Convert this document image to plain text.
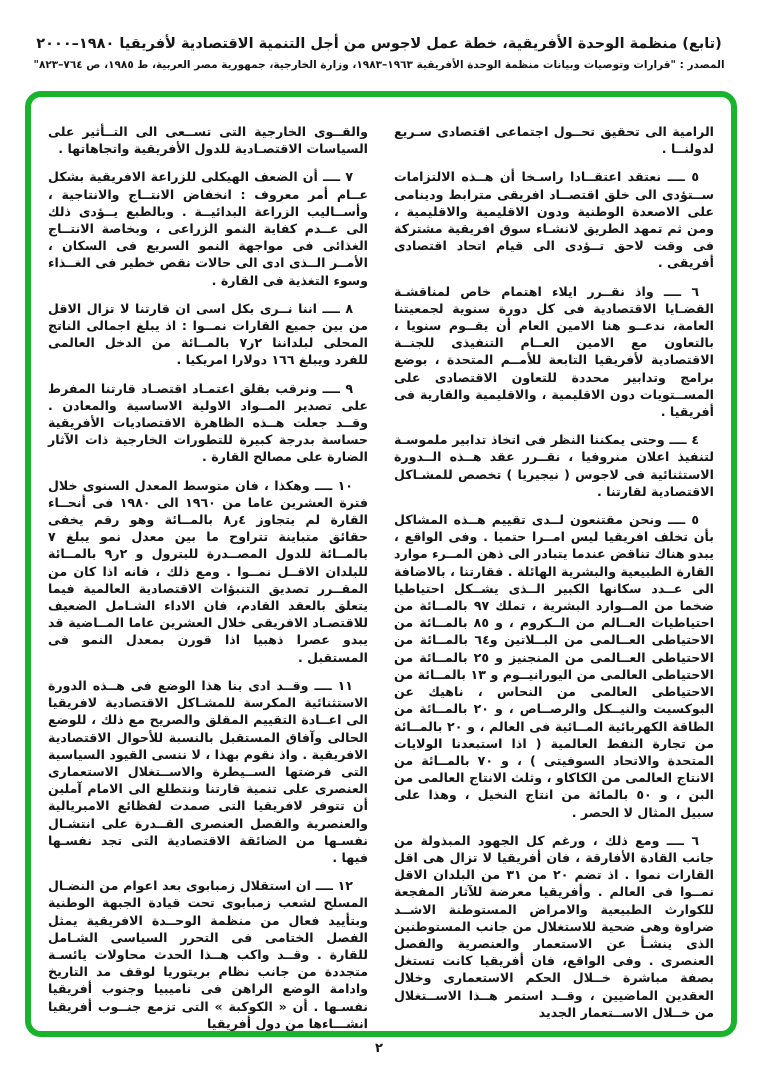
(تابع) منظمة الوحدة الأفريقية، خطة عمل لاجوس من أجل التنمية الاقتصادية لأفريقيا ١٩٨٠–٢٠٠٠
المصدر : "قرارات وتوصيات وبيانات منظمة الوحدة الأفريقية ١٩٦٣–١٩٨٣، وزارة الخارجية، جمهورية مصر العربية، ط ١٩٨٥، ص ٧٦٤–٨٢٣"

الرامية الى تحقيق تحــول اجتماعى اقتصادى سـريع لدولنــا .

٥ ــــ نعتقد اعتقــادا راسـخا أن هــذه الالتزامات ســتؤدى الى خلق اقتصــاد افريقى مترابط ودينامى على الاصعدة الوطنية ودون الاقليمية والاقليمية ، ومن ثم تمهد الطريق لانشـاء سوق افريقية مشتركة فى وقت لاحق تــؤدى الى قيام اتحاد اقتصادى أفريقى .

٦ ــــ واذ نقــرر ايلاء اهتمام خاص لمناقشـة القضـايا الاقتصادية فى كل دورة سنوية لجمعيتنا العامة، ندعــو هنا الامين العام أن يقــوم سنويا ، بالتعاون مع الامين العــام التنفيذى للجنــة الاقتصادية لأفريقيا التابعة للأمــم المتحدة ، بوضع برامج وتدابير محددة للتعاون الاقتصادى على المســتويات دون الاقليمية ، والاقليمية والقارية فى أفريقيا .

٤ ــــ وحتى يمكننا النظر فى اتخاذ تدابير ملموسـة لتنفيذ اعلان منروفيا ، نقــرر عقد هــذه الــدورة الاستثنائية فى لاجوس ( نيجيريا ) تخصص للمشـاكل الاقتصادية لقارتنا .

٥ ــــ ونحن مقتنعون لــدى تقييم هــذه المشاكل بأن تخلف افريقيا ليس امــرا حتميا . وفى الواقع ، يبدو هناك تناقض عندما يتبادر الى ذهن المــرء موارد القارة الطبيعية والبشرية الهائلة . فقارتنا ، بالاضافة الى عــدد سكانها الكبير الــذى يشــكل احتياطيا ضخما من المــوارد البشرية ، تملك ٩٧ بالمــائة من احتياطيات العــالم من الــكروم ، و ٨٥ بالمــائة من الاحتياطى العــالمى من البــلاتين و٦٤ بالمــائة من الاحتياطى العــالمى من المنجنيز و ٢٥ بالمــائة من الاحتياطى العالمى من اليورانيــوم و ١٣ بالمــائة من الاحتياطى العالمى من النحاس ، ناهيك عن البوكسيت والنيــكل والرصــاص ، و ٢٠ بالمــائة من الطاقة الكهربائية المــائية فى العالم ، و ٢٠ بالمــائة من تجارة النفط العالمية ( اذا استبعدنا الولايات المتحدة والاتحاد السوفيتى ) ، و ٧٠ بالمــائة من الانتاج العالمى من الكاكاو ، وثلث الانتاج العالمى من البن ، و ٥٠ بالمائة من انتاج النخيل ، وهذا على سبيل المثال لا الحصر .

٦ ــــ ومع ذلك ، ورغم كل الجهود المبذولة من جانب القادة الأفارقة ، فان أفريقيا لا تزال هى اقل القارات نموا . اذ تضم ٢٠ من ٣١ من البلدان الاقل نمــوا فى العالم . وأفريقيا معرضة للآثار المفجعة للكوارث الطبيعية والامراض المستوطنة الاشــد ضراوة وهى ضحية للاستغلال من جانب المستوطنين الذى ينشـأ عن الاستعمار والعنصرية والفصل العنصرى . وفى الواقع، فان أفريقيا كانت تستغل بصفة مباشرة خــلال الحكم الاستعمارى وخلال العقدين الماضيين ، وقــد استمر هــذا الاســتغلال من خــلال الاســتعمار الجديد

والقــوى الخارجية التى تســعى الى التــأثير على السياسات الاقتصـادية للدول الأفريقية واتجاهاتها .

٧ ــــ أن الضعف الهيكلى للزراعة الافريقية بشكل عــام أمر معروف : انخفاض الانتــاج والانتاجية ، وأســاليب الزراعة البدائيــة . وبالطبع يــؤدى ذلك الى عــدم كفاية النمو الزراعى ، وبخاصة الانتــاج الغذائى فى مواجهة النمو السريع فى السكان ، الأمــر الــذى ادى الى حالات نقص خطير فى الغــذاء وسوء التغذية فى القارة .

٨ ــــ اننا نــرى بكل اسى ان قارتنا لا تزال الاقل من بين جميع القارات نمــوا : اذ يبلغ اجمالى الناتج المحلى لبلداننا ٢ر٧ بالمــائة من الدخل العالمى للفرد ويبلغ ١٦٦ دولارا امريكيا .

٩ ــــ ونرقب بقلق اعتمـاد اقتصـاد قارتنا المفرط على تصدير المــواد الاولية الاساسية والمعادن . وقــد جعلت هــذه الظاهرة الاقتصاديات الأفريقية حساسة بدرجة كبيرة للتطورات الخارجية ذات الآثار الضارة على مصالح القارة .

١٠ ــــ وهكذا ، فان متوسط المعدل السنوى خلال فترة العشرين عاما من ١٩٦٠ الى ١٩٨٠ فى أنحــاء القارة لم يتجاوز ٤ر٨ بالمــائة وهو رقم يخفى حقائق متباينة تتراوح ما بين معدل نمو يبلغ ٧ بالمــائة للدول المصــدرة للبترول و ٢ر٩ بالمــائة للبلدان الاقــل نمــوا . ومع ذلك ، فانه اذا كان من المقــرر تصديق التنبؤات الاقتصادية العالمية فيما يتعلق بالعقد القادم، فان الاداء الشـامل الضعيف للاقتصـاد الافريقى خلال العشرين عاما المــاضية قد يبدو عصرا ذهبيا اذا قورن بمعدل النمو فى المستقبل .

١١ ــــ وقــد ادى بنا هذا الوضع فى هــذه الدورة الاستثنائية المكرسة للمشـاكل الاقتصادية لافريقيا الى اعــادة التقييم المقلق والصريح مع ذلك ، للوضع الحالى وآفاق المستقبل بالنسبة للأحوال الاقتصادية الافريقية . واذ نقوم بهذا ، لا ننسى القيود السياسية التى فرضتها الســيطرة والاســتغلال الاستعمارى العنصرى على تنمية قارتنا ونتطلع الى الامام آملين أن تتوفر لافريقيا التى صمدت لفظائع الامبريالية والعنصرية والفصل العنصرى القــدرة على انتشـال نفسـها من الضائقة الاقتصادية التى تجد نفسـها فيها .

١٢ ــــ ان استقلال زمبابوى بعد اعوام من النضـال المسلح لشعب زمبابوى تحت قيادة الجبهة الوطنية وبتأييد فعال من منظمة الوحــدة الافريقية يمثل الفصل الختامى فى التحرر السياسى الشـامل للقارة . وقــد واكب هــذا الحدث محاولات يائسـة متجددة من جانب نظام بريتوريا لوقف مد التاريخ وادامة الوضع الراهن فى ناميبيا وجنوب أفريقيا نفسـها . أن « الكوكبة » التى تزمع جنــوب أفريقيا انشـــاءها من دول أفريقيا

٢
